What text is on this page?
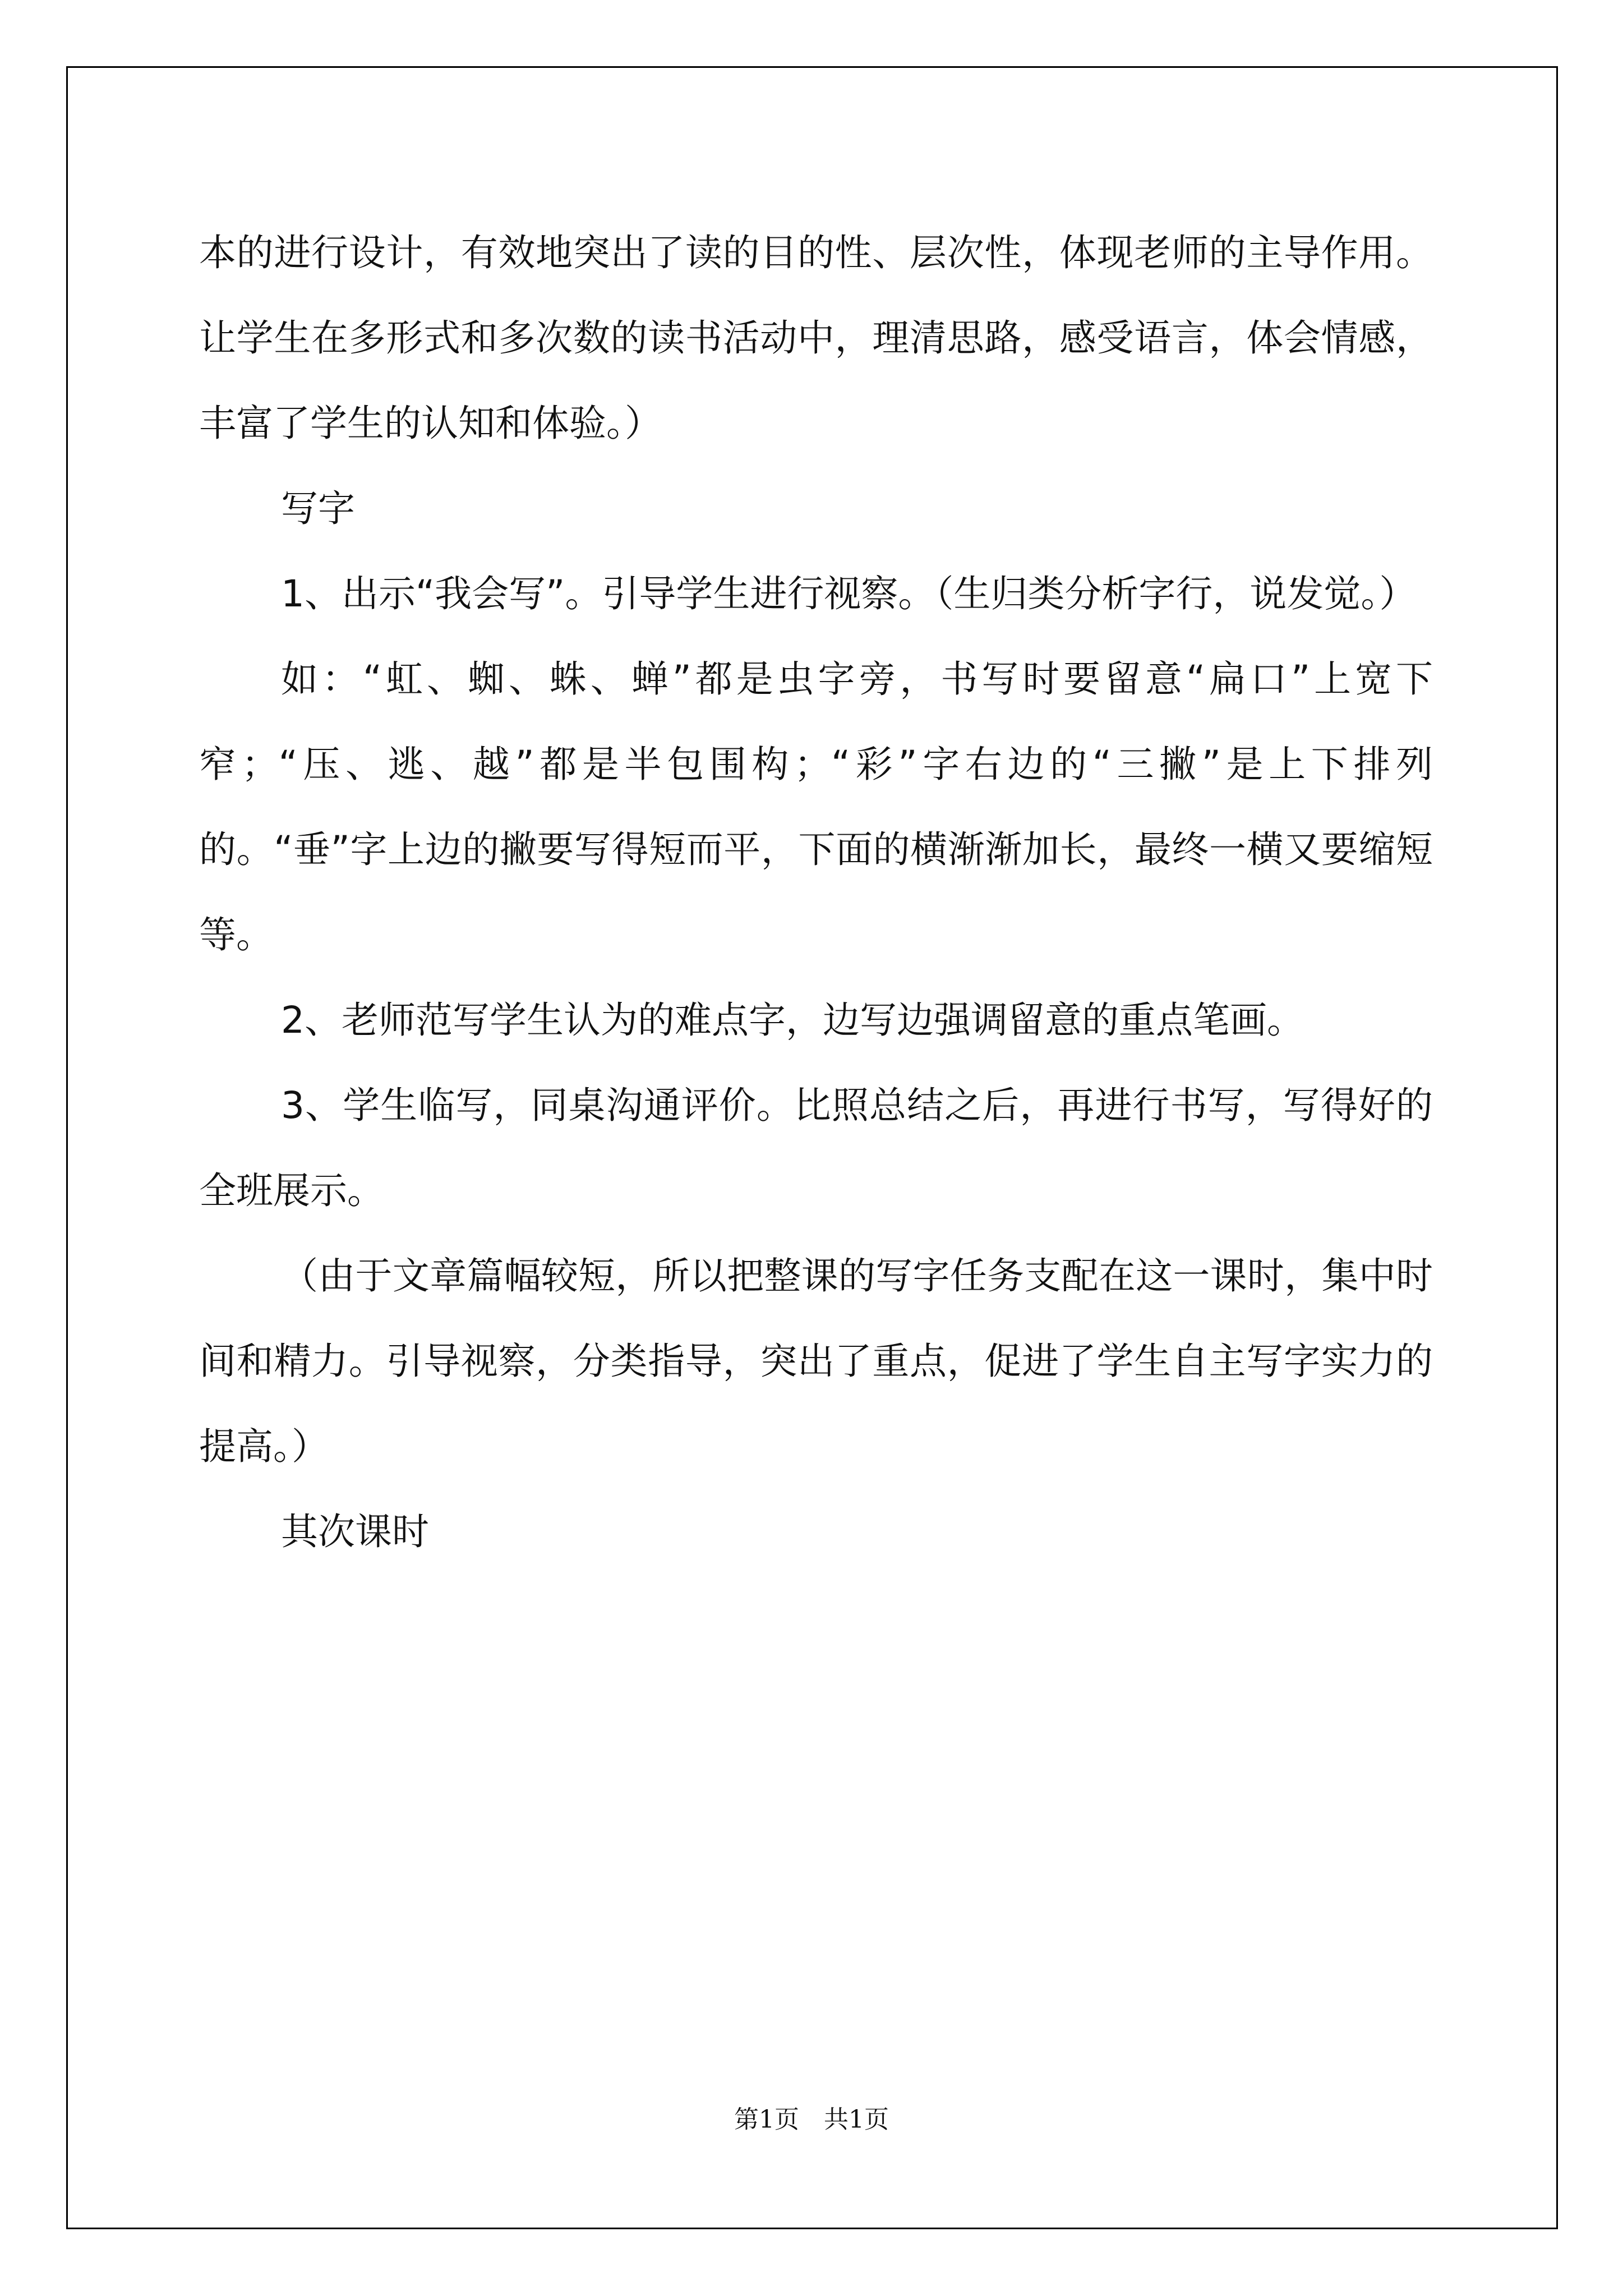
本的进行设计，有效地突出了读的目的性、层次性，体现老师的主导作用。让学生在多形式和多次数的读书活动中，理清思路，感受语言，体会情感，丰富了学生的认知和体验。）

写字

1、出示“我会写”。引导学生进行视察。（生归类分析字行，说发觉。）

如：“虹、蜘、蛛、蝉”都是虫字旁，书写时要留意“扁口”上宽下窄；“压、逃、越”都是半包围构；“彩”字右边的“三撇”是上下排列的。“垂”字上边的撇要写得短而平，下面的横渐渐加长，最终一横又要缩短等。

2、老师范写学生认为的难点字，边写边强调留意的重点笔画。

3、学生临写，同桌沟通评价。比照总结之后，再进行书写，写得好的全班展示。

（由于文章篇幅较短，所以把整课的写字任务支配在这一课时，集中时间和精力。引导视察，分类指导，突出了重点，促进了学生自主写字实力的提高。）

其次课时

第1页　共1页
